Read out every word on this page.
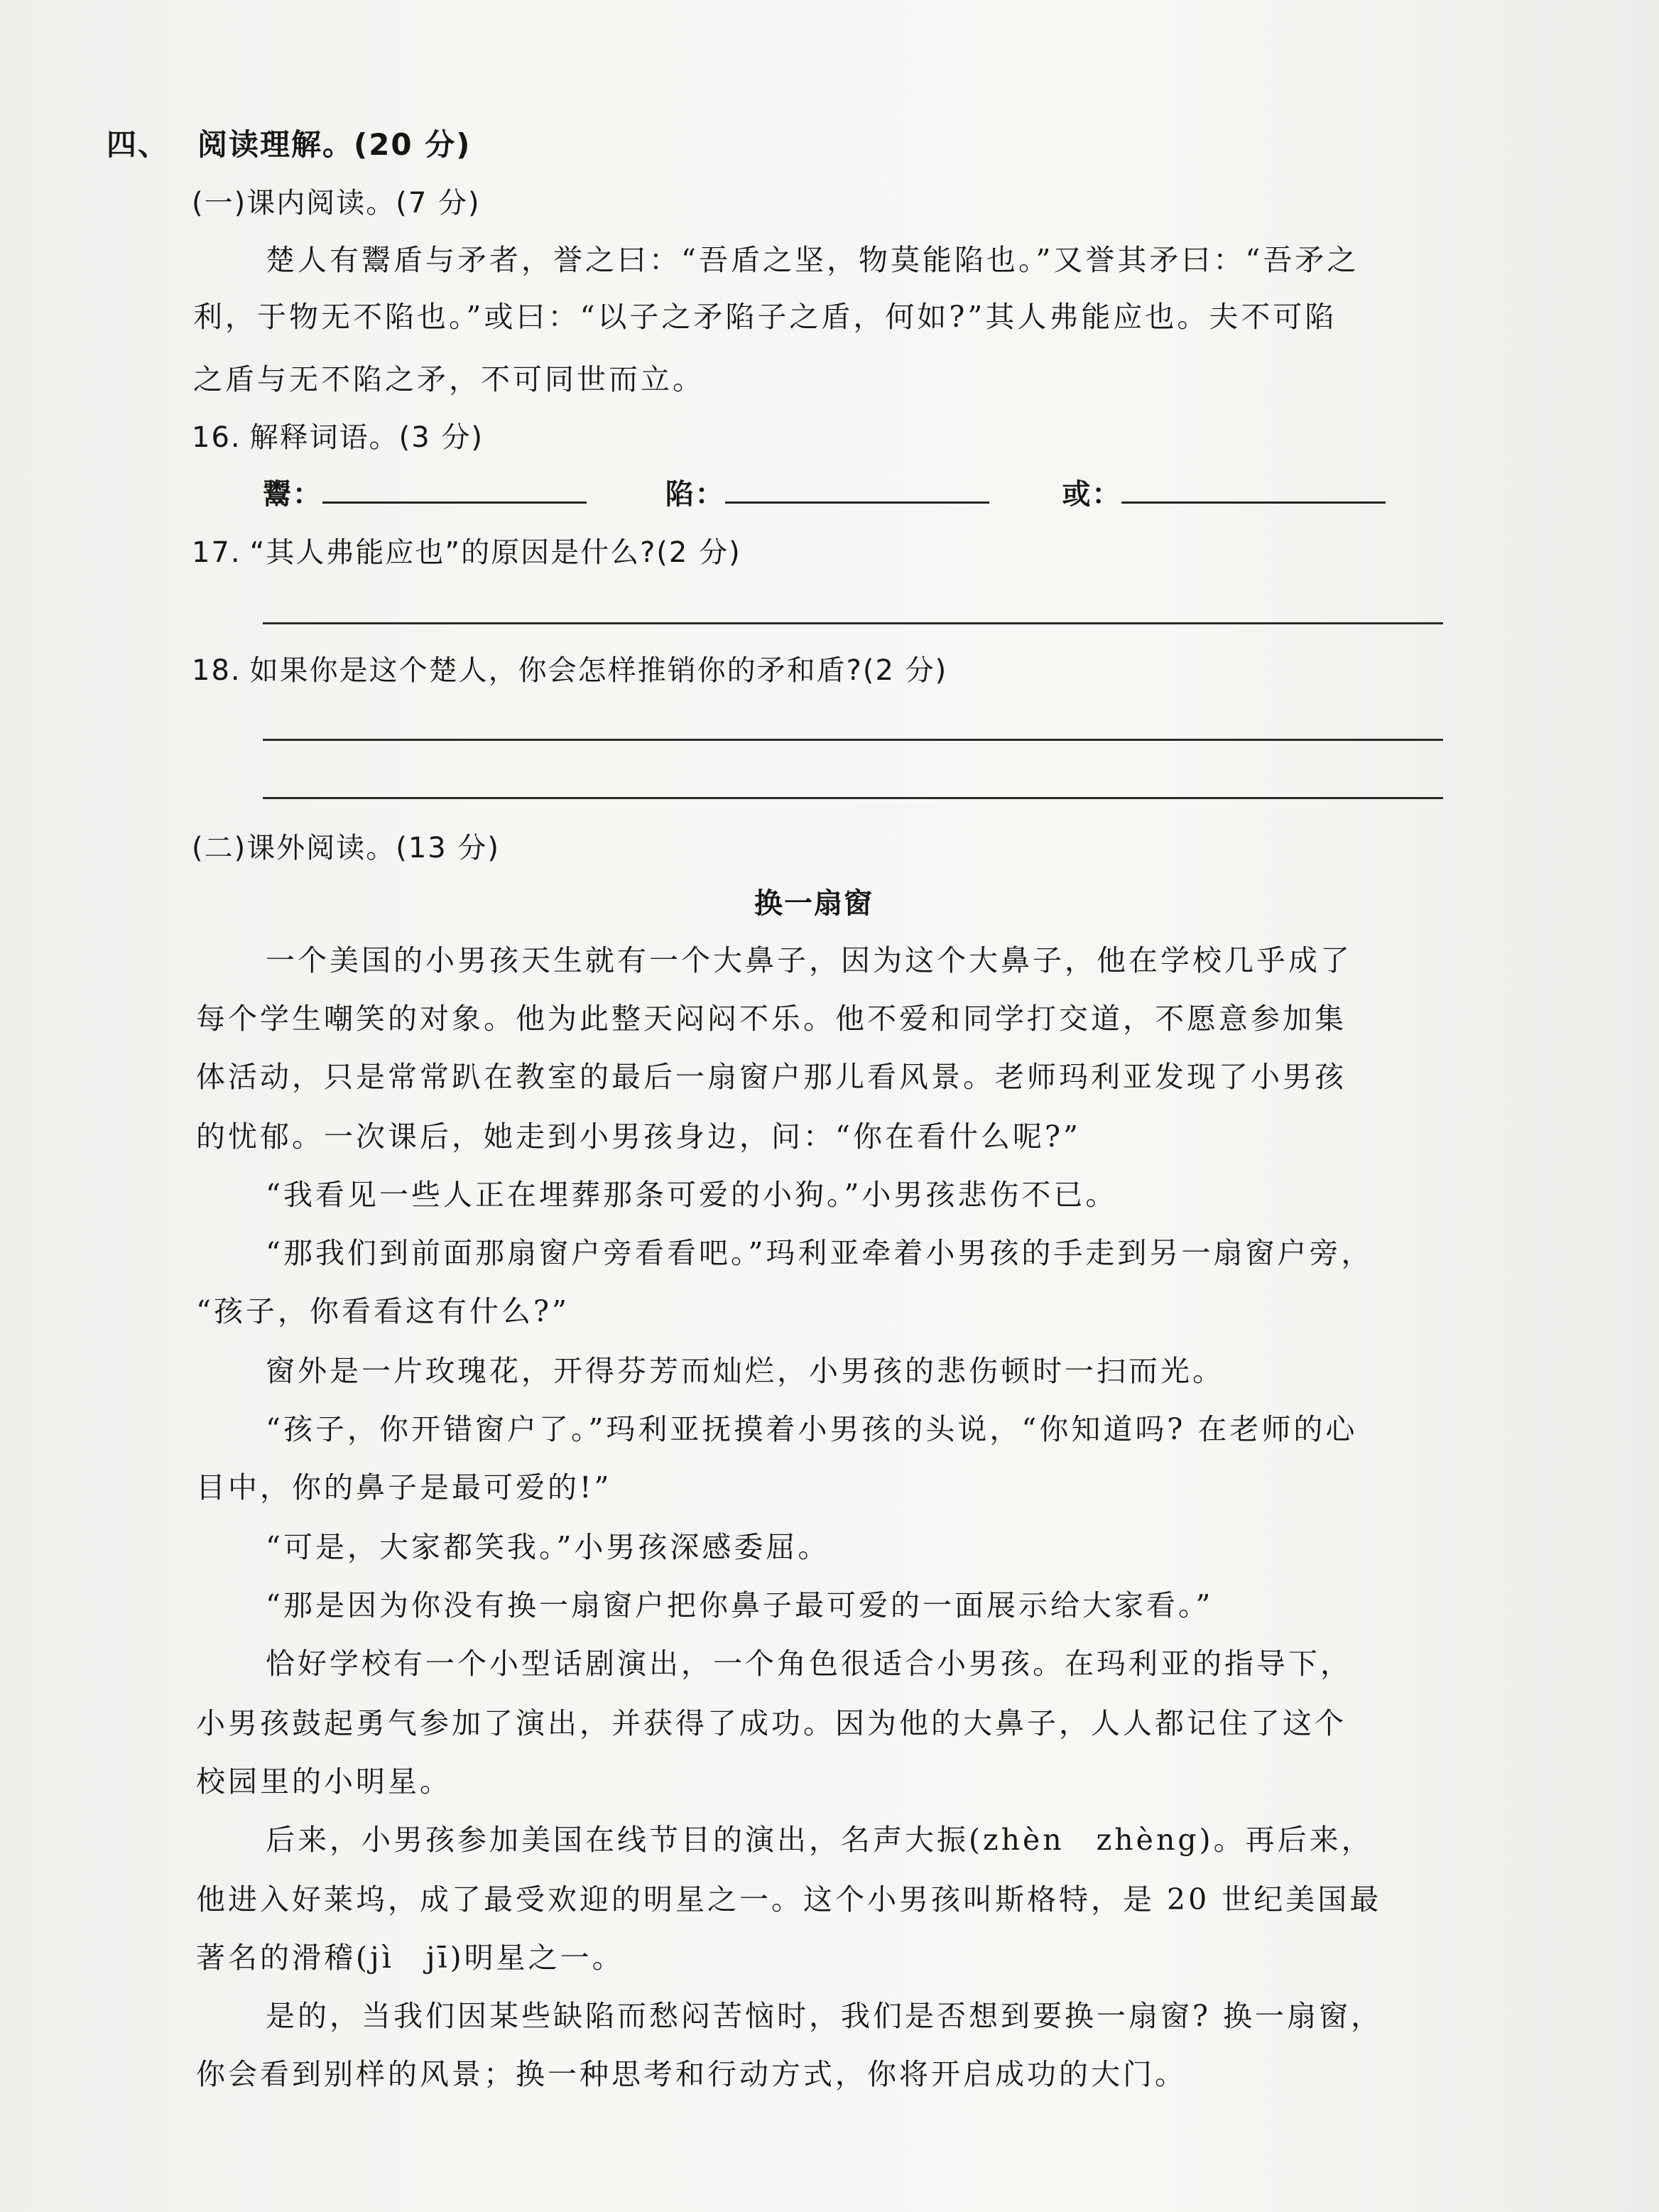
四、 阅读理解。(20 分)
(一)课内阅读。(7 分)
楚人有鬻盾与矛者，誉之曰：“吾盾之坚，物莫能陷也。”又誉其矛曰：“吾矛之
利，于物无不陷也。”或曰：“以子之矛陷子之盾，何如?”其人弗能应也。夫不可陷
之盾与无不陷之矛，不可同世而立。
16. 解释词语。(3 分)
鬻：	陷：	或：
17. “其人弗能应也”的原因是什么?(2 分)
18. 如果你是这个楚人，你会怎样推销你的矛和盾?(2 分)
(二)课外阅读。(13 分)
换一扇窗
一个美国的小男孩天生就有一个大鼻子，因为这个大鼻子，他在学校几乎成了
每个学生嘲笑的对象。他为此整天闷闷不乐。他不爱和同学打交道，不愿意参加集
体活动，只是常常趴在教室的最后一扇窗户那儿看风景。老师玛利亚发现了小男孩
的忧郁。一次课后，她走到小男孩身边，问：“你在看什么呢?”
“我看见一些人正在埋葬那条可爱的小狗。”小男孩悲伤不已。
“那我们到前面那扇窗户旁看看吧。”玛利亚牵着小男孩的手走到另一扇窗户旁，
“孩子，你看看这有什么?”
窗外是一片玫瑰花，开得芬芳而灿烂，小男孩的悲伤顿时一扫而光。
“孩子，你开错窗户了。”玛利亚抚摸着小男孩的头说，“你知道吗? 在老师的心
目中，你的鼻子是最可爱的!”
“可是，大家都笑我。”小男孩深感委屈。
“那是因为你没有换一扇窗户把你鼻子最可爱的一面展示给大家看。”
恰好学校有一个小型话剧演出，一个角色很适合小男孩。在玛利亚的指导下，
小男孩鼓起勇气参加了演出，并获得了成功。因为他的大鼻子，人人都记住了这个
校园里的小明星。
后来，小男孩参加美国在线节目的演出，名声大振(zhèn　zhèng)。再后来，
他进入好莱坞，成了最受欢迎的明星之一。这个小男孩叫斯格特，是 20 世纪美国最
著名的滑稽(jì　jī)明星之一。
是的，当我们因某些缺陷而愁闷苦恼时，我们是否想到要换一扇窗? 换一扇窗，
你会看到别样的风景；换一种思考和行动方式，你将开启成功的大门。
